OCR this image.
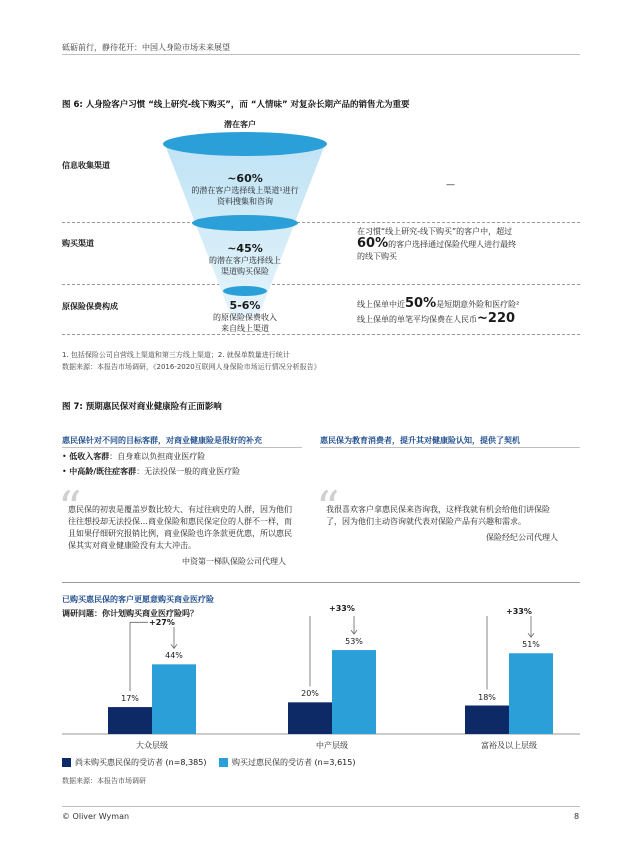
砥砺前行，静待花开：中国人身险市场未来展望
图 6: 人身险客户习惯 “线上研究-线下购买”，而 “人情味” 对复杂长期产品的销售尤为重要
潜在客户
信息收集渠道
购买渠道
原保险保费构成
~60%
的潜在客户选择线上渠道¹进行
资料搜集和咨询
~45%
的潜在客户选择线上
渠道购买保险
5-6%
的原保险保费收入
来自线上渠道
—
在习惯“线上研究-线下购买”的客户中，超过
60%的客户选择通过保险代理人进行最终
的线下购买
线上保单中近50%是短期意外险和医疗险²
线上保单的单笔平均保费在人民币~220
1. 包括保险公司自营线上渠道和第三方线上渠道；2. 就保单数量进行统计
数据来源：本报告市场调研，《2016-2020互联网人身保险市场运行情况分析报告》
图 7: 预期惠民保对商业健康险有正面影响
惠民保针对不同的目标客群，对商业健康险是很好的补充
• 低收入客群：自身难以负担商业医疗险
• 中高龄/既往症客群：无法投保一般的商业医疗险
“
惠民保的初衷是覆盖岁数比较大、有过往病史的人群，因为他们往往想投却无法投保…商业保险和惠民保定位的人群不一样，而且如果仔细研究报销比例，商业保险也许条款更优惠，所以惠民保其实对商业健康险没有太大冲击。
中资第一梯队保险公司代理人
惠民保为教育消费者，提升其对健康险认知，提供了契机
“
我很喜欢客户拿惠民保来咨询我，这样我就有机会给他们讲保险了，因为他们主动咨询就代表对保险产品有兴趣和需求。
保险经纪公司代理人
已购买惠民保的客户更愿意购买商业医疗险
调研问题：你计划购买商业医疗险吗？
17%
44%
+27%
大众层级
20%
53%
+33%
中产层级
18%
51%
+33%
富裕及以上层级
尚未购买惠民保的受访者 (n=8,385)	购买过惠民保的受访者 (n=3,615)
数据来源：本报告市场调研
© Oliver Wyman	8
